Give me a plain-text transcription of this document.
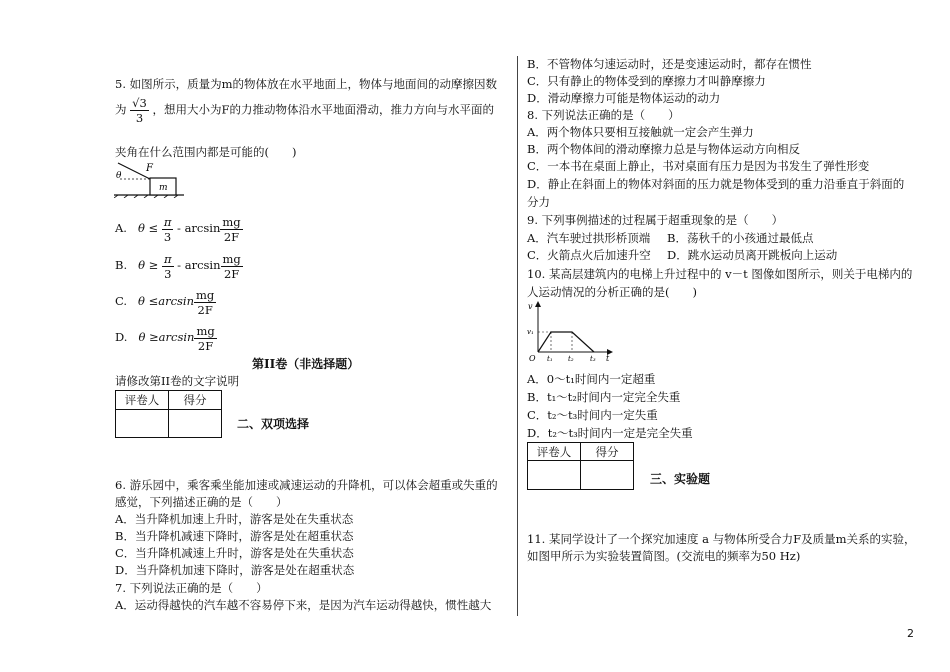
5. 如图所示，质量为m的物体放在水平地面上，物体与地面间的动摩擦因数
为 $\frac{√3}{3}$ ，想用大小为F的力推动物体沿水平地面滑动，推力方向与水平面的
夹角在什么范围内都是可能的(　　)
m
F
θ
A. $\theta \le \frac{\pi}{3} - \arcsin \frac{mg}{2F}$
B. $\theta \ge \frac{\pi}{3} - \arcsin \frac{mg}{2F}$
C. $\theta \le\arcsin \frac{mg}{2F}$
D. $\theta \ge\arcsin \frac{mg}{2F}$
第II卷（非选择题）
请修改第II卷的文字说明
评卷人	得分

二、双项选择
6. 游乐园中，乘客乘坐能加速或减速运动的升降机，可以体会超重或失重的
感觉，下列描述正确的是（　　）
A．当升降机加速上升时，游客是处在失重状态
B．当升降机减速下降时，游客是处在超重状态
C．当升降机减速上升时，游客是处在失重状态
D．当升降机加速下降时，游客是处在超重状态
7. 下列说法正确的是（　　）
A．运动得越快的汽车越不容易停下来，是因为汽车运动得越快，惯性越大
B．不管物体匀速运动时，还是变速运动时，都存在惯性
C．只有静止的物体受到的摩擦力才叫静摩擦力
D．滑动摩擦力可能是物体运动的动力
8. 下列说法正确的是（　　）
A．两个物体只要相互接触就一定会产生弹力
B．两个物体间的滑动摩擦力总是与物体运动方向相反
C．一本书在桌面上静止，书对桌面有压力是因为书发生了弹性形变
D．静止在斜面上的物体对斜面的压力就是物体受到的重力沿垂直于斜面的
分力
9. 下列事例描述的过程属于超重现象的是（　　）
A．汽车驶过拱形桥顶端 B．荡秋千的小孩通过最低点
C．火箭点火后加速升空 D．跳水运动员离开跳板向上运动
10. 某高层建筑内的电梯上升过程中的 v－t 图像如图所示，则关于电梯内的
人运动情况的分析正确的是(　　)
v
t
O
v₁
t₁ t₂ t₃
A．0～t₁时间内一定超重
B．t₁～t₂时间内一定完全失重
C．t₂～t₃时间内一定失重
D．t₂～t₃时间内一定是完全失重
评卷人	得分

三、实验题
11. 某同学设计了一个探究加速度 a 与物体所受合力F及质量m关系的实验，
如图甲所示为实验装置简图。(交流电的频率为50 Hz)
2
